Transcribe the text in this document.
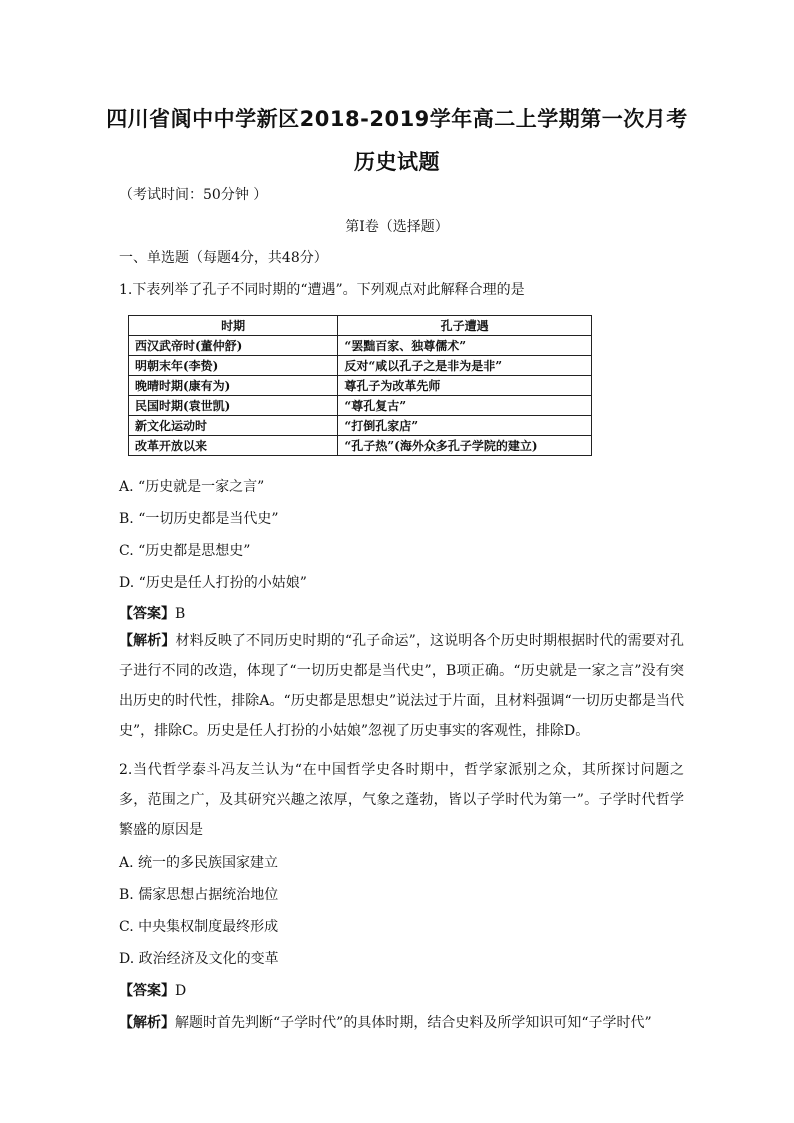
四川省阆中中学新区2018-2019学年高二上学期第一次月考
历史试题
（考试时间：50分钟 ）
第I卷（选择题）
一、单选题（每题4分，共48分）
1.下表列举了孔子不同时期的“遭遇”。下列观点对此解释合理的是
时期	孔子遭遇
西汉武帝时(董仲舒)	“罢黜百家、独尊儒术”
明朝末年(李贽)	反对“咸以孔子之是非为是非”
晚晴时期(康有为)	尊孔子为改革先师
民国时期(袁世凯)	“尊孔复古”
新文化运动时	“打倒孔家店”
改革开放以来	“孔子热”(海外众多孔子学院的建立)
A. “历史就是一家之言”
B. “一切历史都是当代史”
C. “历史都是思想史”
D. “历史是任人打扮的小姑娘”
【答案】B
【解析】材料反映了不同历史时期的“孔子命运”，这说明各个历史时期根据时代的需要对孔子进行不同的改造，体现了“一切历史都是当代史”，B项正确。“历史就是一家之言”没有突出历史的时代性，排除A。“历史都是思想史”说法过于片面，且材料强调“一切历史都是当代史”，排除C。历史是任人打扮的小姑娘”忽视了历史事实的客观性，排除D。
2.当代哲学泰斗冯友兰认为“在中国哲学史各时期中，哲学家派别之众，其所探讨问题之多，范围之广，及其研究兴趣之浓厚，气象之蓬勃，皆以子学时代为第一”。子学时代哲学繁盛的原因是
A. 统一的多民族国家建立
B. 儒家思想占据统治地位
C. 中央集权制度最终形成
D. 政治经济及文化的变革
【答案】D
【解析】解题时首先判断“子学时代”的具体时期，结合史料及所学知识可知“子学时代”
